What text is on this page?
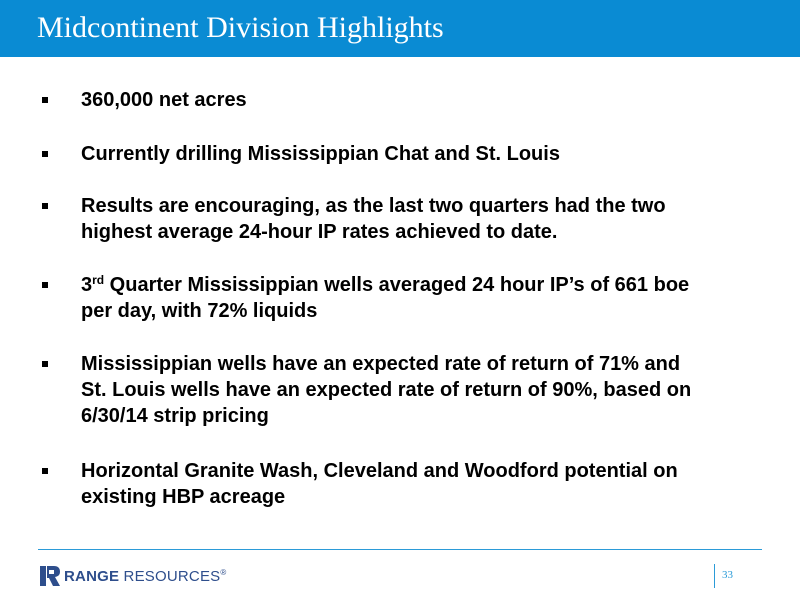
Midcontinent Division Highlights
360,000 net acres
Currently drilling Mississippian Chat and St. Louis
Results are encouraging, as the last two quarters had the two
highest average 24-hour IP rates achieved to date.
3rd Quarter Mississippian wells averaged 24 hour IP’s of 661 boe
per day, with 72% liquids
Mississippian wells have an expected rate of return of 71% and
St. Louis wells have an expected rate of return of 90%, based on
6/30/14 strip pricing
Horizontal Granite Wash, Cleveland and Woodford potential on
existing HBP acreage
RANGE RESOURCES®	33
